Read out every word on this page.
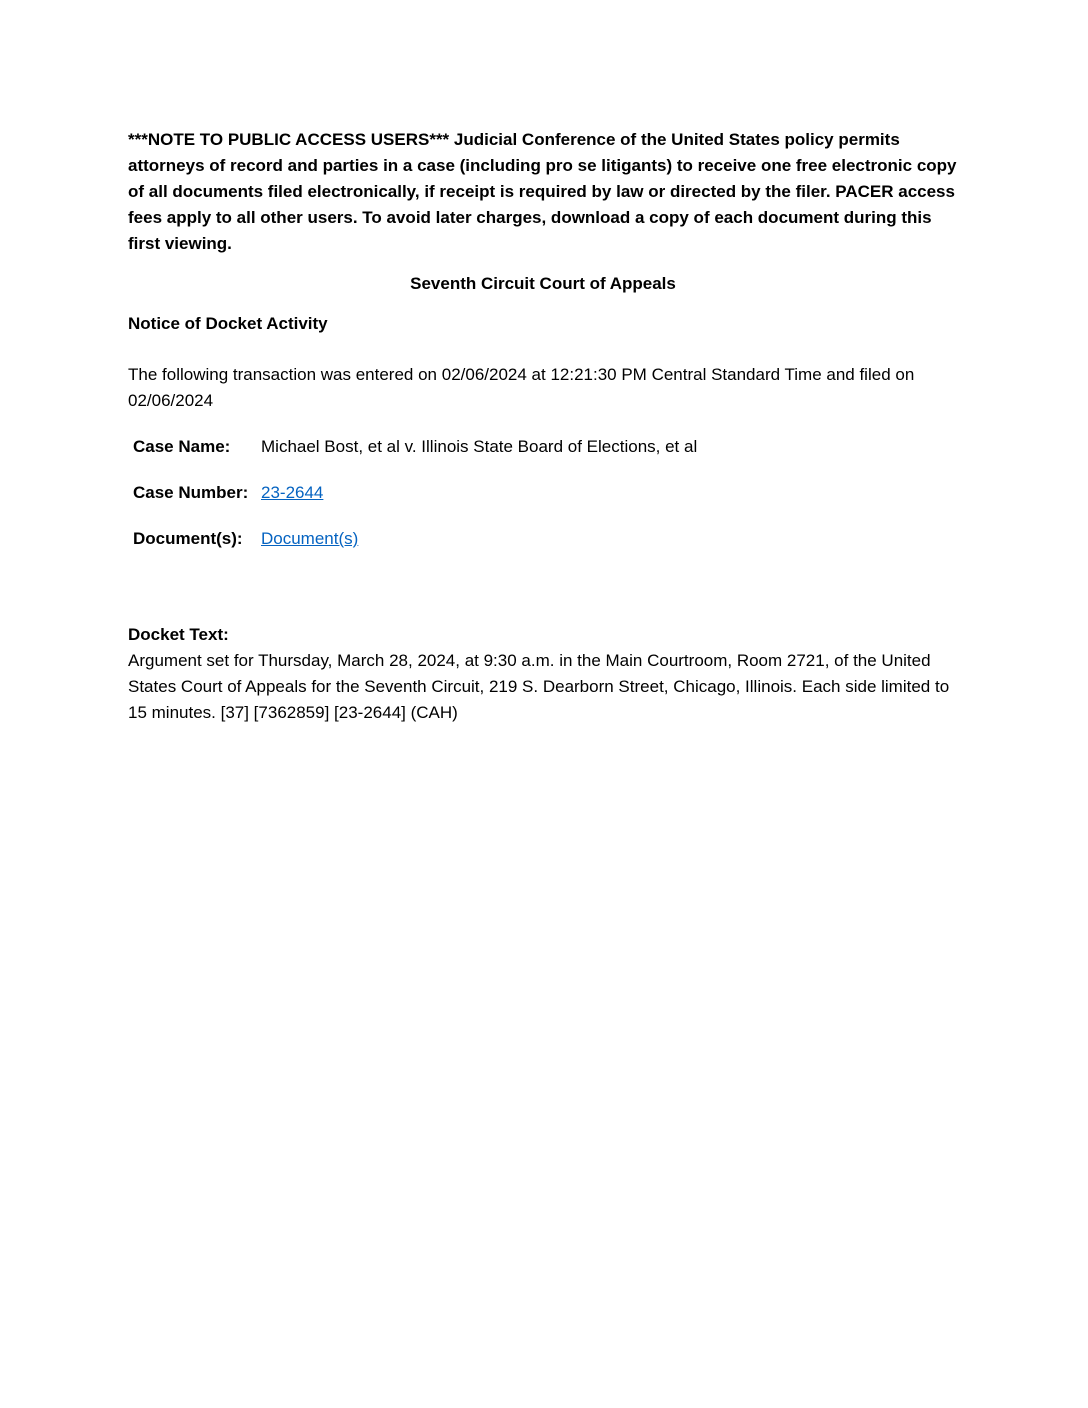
***NOTE TO PUBLIC ACCESS USERS*** Judicial Conference of the United States policy permits attorneys of record and parties in a case (including pro se litigants) to receive one free electronic copy of all documents filed electronically, if receipt is required by law or directed by the filer. PACER access fees apply to all other users. To avoid later charges, download a copy of each document during this first viewing.

Seventh Circuit Court of Appeals

Notice of Docket Activity

The following transaction was entered on 02/06/2024 at 12:21:30 PM Central Standard Time and filed on 02/06/2024

Case Name:	Michael Bost, et al v. Illinois State Board of Elections, et al
Case Number:	23-2644
Document(s):	Document(s)

Docket Text:

Argument set for Thursday, March 28, 2024, at 9:30 a.m. in the Main Courtroom, Room 2721, of the United States Court of Appeals for the Seventh Circuit, 219 S. Dearborn Street, Chicago, Illinois. Each side limited to 15 minutes. [37] [7362859] [23-2644] (CAH)
